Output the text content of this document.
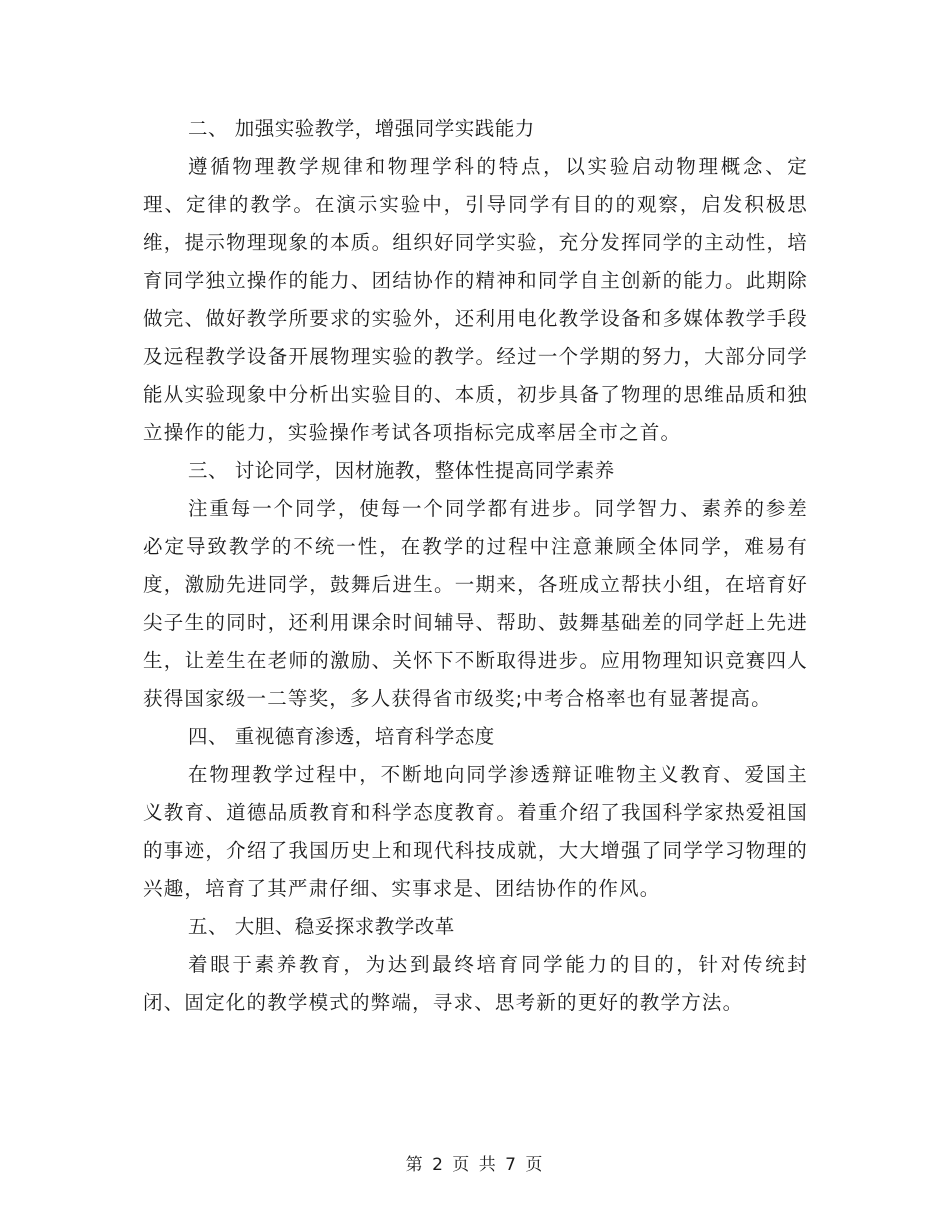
二、 加强实验教学，增强同学实践能力

遵循物理教学规律和物理学科的特点，以实验启动物理概念、定理、定律的教学。在演示实验中，引导同学有目的的观察，启发积极思维，提示物理现象的本质。组织好同学实验，充分发挥同学的主动性，培育同学独立操作的能力、团结协作的精神和同学自主创新的能力。此期除做完、做好教学所要求的实验外，还利用电化教学设备和多媒体教学手段及远程教学设备开展物理实验的教学。经过一个学期的努力，大部分同学能从实验现象中分析出实验目的、本质，初步具备了物理的思维品质和独立操作的能力，实验操作考试各项指标完成率居全市之首。

三、 讨论同学，因材施教，整体性提高同学素养

注重每一个同学，使每一个同学都有进步。同学智力、素养的参差必定导致教学的不统一性，在教学的过程中注意兼顾全体同学，难易有度，激励先进同学，鼓舞后进生。一期来，各班成立帮扶小组，在培育好尖子生的同时，还利用课余时间辅导、帮助、鼓舞基础差的同学赶上先进生，让差生在老师的激励、关怀下不断取得进步。应用物理知识竞赛四人获得国家级一二等奖，多人获得省市级奖;中考合格率也有显著提高。

四、 重视德育渗透，培育科学态度

在物理教学过程中，不断地向同学渗透辩证唯物主义教育、爱国主义教育、道德品质教育和科学态度教育。着重介绍了我国科学家热爱祖国的事迹，介绍了我国历史上和现代科技成就，大大增强了同学学习物理的兴趣，培育了其严肃仔细、实事求是、团结协作的作风。

五、 大胆、稳妥探求教学改革

着眼于素养教育，为达到最终培育同学能力的目的，针对传统封闭、固定化的教学模式的弊端，寻求、思考新的更好的教学方法。

第 2 页 共 7 页
